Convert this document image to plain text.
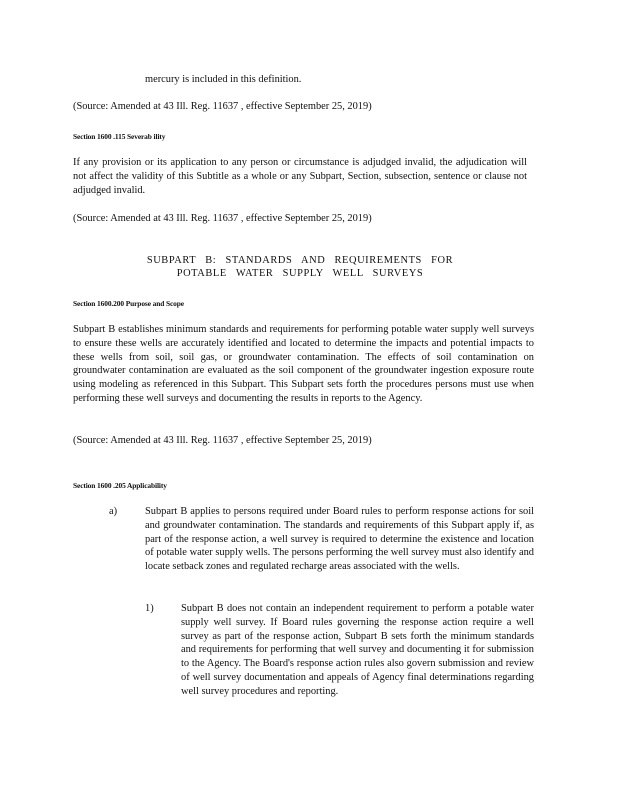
mercury is included in this definition.

(Source: Amended at 43 Ill. Reg. 11637 , effective September 25, 2019)

Section 1600 .115 Severab ility

If any provision or its application to any person or circumstance is adjudged invalid, the adjudication will not affect the validity of this Subtitle as a whole or any Subpart, Section, subsection, sentence or clause not adjudged invalid.

(Source: Amended at 43 Ill. Reg. 11637 , effective September 25, 2019)

SUBPART B: STANDARDS AND REQUIREMENTS FOR

POTABLE WATER SUPPLY WELL SURVEYS

Section 1600.200 Purpose and Scope

Subpart B establishes minimum standards and requirements for performing potable water supply well surveys to ensure these wells are accurately identified and located to determine the impacts and potential impacts to these wells from soil, soil gas, or groundwater contamination. The effects of soil contamination on groundwater contamination are evaluated as the soil component of the groundwater ingestion exposure route using modeling as referenced in this Subpart. This Subpart sets forth the procedures persons must use when performing these well surveys and documenting the results in reports to the Agency.

(Source: Amended at 43 Ill. Reg. 11637 , effective September 25, 2019)

Section 1600 .205 Applicability

a)	Subpart B applies to persons required under Board rules to perform response actions for soil and groundwater contamination. The standards and requirements of this Subpart apply if, as part of the response action, a well survey is required to determine the existence and location of potable water supply wells. The persons performing the well survey must also identify and locate setback zones and regulated recharge areas associated with the wells.

1)	Subpart B does not contain an independent requirement to perform a potable water supply well survey. If Board rules governing the response action require a well survey as part of the response action, Subpart B sets forth the minimum standards and requirements for performing that well survey and documenting it for submission to the Agency. The Board's response action rules also govern submission and review of well survey documentation and appeals of Agency final determinations regarding well survey procedures and reporting.
